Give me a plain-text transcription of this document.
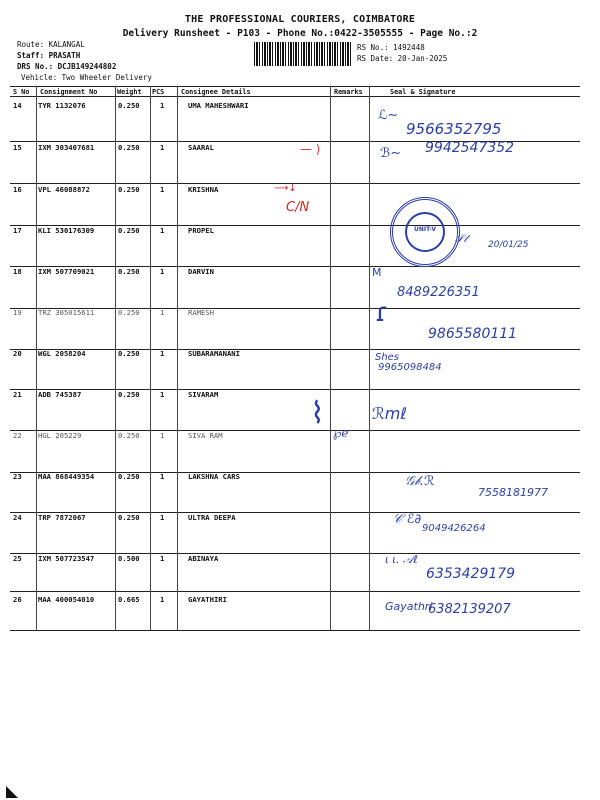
THE PROFESSIONAL COURIERS, COIMBATORE
Delivery Runsheet - P103 - Phone No.:0422-3505555 - Page No.:2
Route: KALANGAL
Staff: PRASATH
DRS No.: DCJB149244802
Vehicle: Two Wheeler Delivery
RS No.: 1492448
RS Date: 20-Jan-2025
S No Consignment No	Weight PCS Consignee Details	Remarks	Seal & Signature
14 TYR 1132076	0.250	1	UMA MAHESHWARI
15 IXM 303407681	0.250	1	SAARAL
16 VPL 46088872	0.250	1	KRISHNA
17 KLI 530176309	0.250	1	PROPEL
18 IXM 507709021	0.250	1	DARVIN
19 TRZ 305015611	0.250	1	RAMESH
20 WGL 2058204	0.250	1	SUBARAMANANI
21 ADB 745387	0.250	1	SIVARAM
22 HGL 205229	0.250	1	SIVA RAM
23 MAA 868449354	0.250	1	LAKSHNA CARS
24 TRP 7872067	0.250	1	ULTRA DEEPA
25 IXM 507723547	0.500	1	ABINAYA
26 MAA 400054010	0.665	1	GAYATHIRI
ℒ∼
9566352795
— ⟩	ℬ∼ 9942547352
⟶↓
C/N
UNIT-V
𝒮𝓉 20/01/25
M
8489226351
ɾ
9865580111
Shes
9965098484
⌇	ℛmℓ
℘ℯ
𝒢𝒷.ℛ
7558181977
𝒞 ℰ∂
9049426264
ι ι. 𝒜ℓ
6353429179
Gayathri
6382139207
